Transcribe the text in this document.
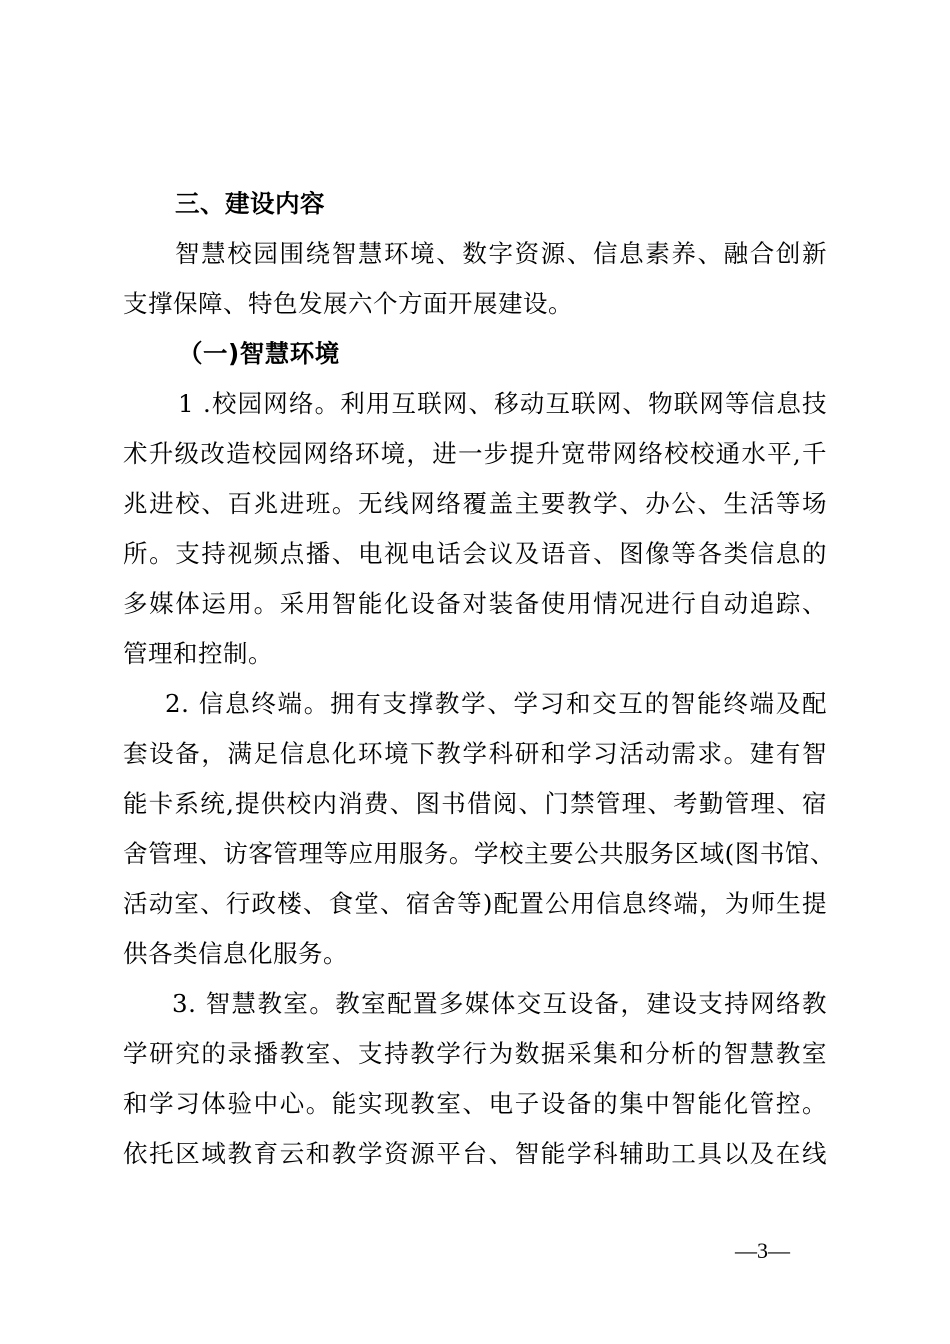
三、建设内容
智慧校园围绕智慧环境、数字资源、信息素养、融合创新
支撑保障、特色发展六个方面开展建设。
（一)智慧环境
1 .校园网络。利用互联网、移动互联网、物联网等信息技
术升级改造校园网络环境，进一步提升宽带网络校校通水平,千
兆进校、百兆进班。无线网络覆盖主要教学、办公、生活等场
所。支持视频点播、电视电话会议及语音、图像等各类信息的
多媒体运用。采用智能化设备对装备使用情况进行自动追踪、
管理和控制。
2. 信息终端。拥有支撑教学、学习和交互的智能终端及配
套设备，满足信息化环境下教学科研和学习活动需求。建有智
能卡系统,提供校内消费、图书借阅、门禁管理、考勤管理、宿
舍管理、访客管理等应用服务。学校主要公共服务区域(图书馆、
活动室、行政楼、食堂、宿舍等)配置公用信息终端，为师生提
供各类信息化服务。
3. 智慧教室。教室配置多媒体交互设备，建设支持网络教
学研究的录播教室、支持教学行为数据采集和分析的智慧教室
和学习体验中心。能实现教室、电子设备的集中智能化管控。
依托区域教育云和教学资源平台、智能学科辅助工具以及在线
—3—
